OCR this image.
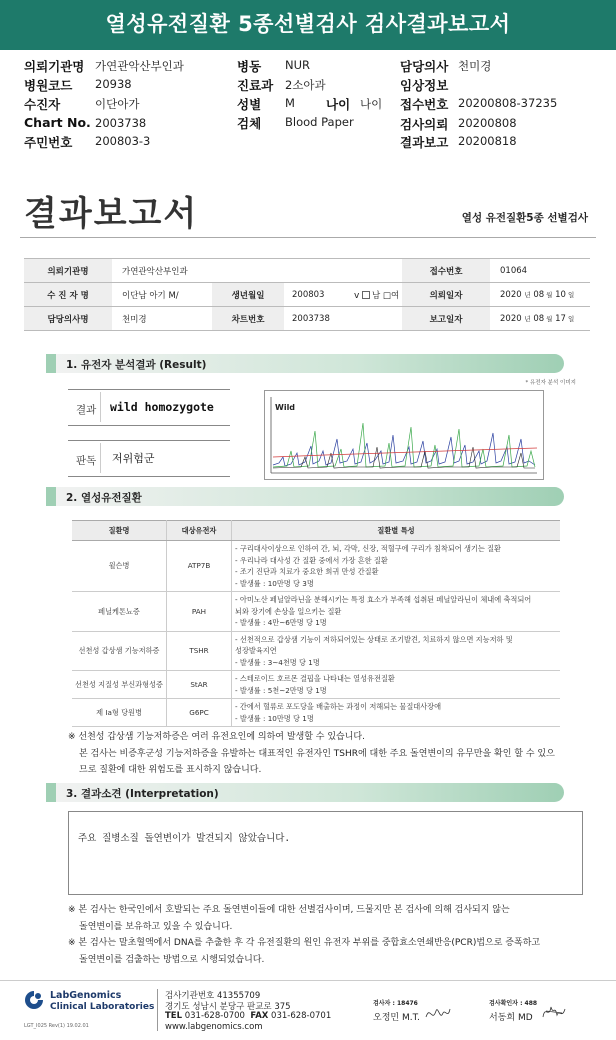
열성유전질환 5종선별검사 검사결과보고서
의뢰기관명 가연관악산부인과
병원코드 20938
수진자	이단아가
Chart No. 2003738
주민번호 200803-3
병동 NUR
진료과 2소아과
성별 M 나이 나이
검체 Blood Paper
담당의사 천미경
임상정보
접수번호 20200808-37235
검사의뢰 20200808
결과보고 20200818
결과보고서	열성 유전질환5종 선별검사
의뢰기관명	가연관악산부인과	접수번호	01064
수 진 자 명	이단남 아기 M/	생년월일	200803	v 남 □여	의뢰일자	2020
년
08 월
10 일
담당의사명	천미경	차트번호	2003738	보고일자	2020
년
08 월
17 일
1. 유전자 분석결과 (Result)
* 유전자 분석 이미지
결과 wild homozygote
판독 저위험군
Wild
2. 열성유전질환
질환명	대상유전자	질환별 특성
윌슨병	ATP7B	- 구리대사이상으로 인하여 간, 뇌, 각막, 신장, 적혈구에 구리가 침착되어 생기는 질환
- 우리나라 대사성 간 질환 중에서 가장 흔한 질환
- 조기 진단과 치료가 중요한 희귀 만성 간질환
- 발생률 : 10만명 당 3명

페닐케톤뇨증	PAH	- 아미노산 페닐알라닌을 분해시키는 특정 효소가 부족해 섭취된 페닐알라닌이 체내에 축적되어
뇌와 장기에 손상을 일으키는 질환
- 발생률 : 4만~6만명 당 1명

선천성 갑상샘 기능저하증	TSHR	- 선천적으로 갑상샘 기능이 저하되어있는 상태로 조기발견, 치료하지 않으면 지능저하 및
성장발육지연
- 발생률 : 3~4천명 당 1명

선천성 지질성 부신과형성증	StAR	- 스테로이드 호르몬 결핍을 나타내는 열성유전질환
- 발생률 : 5천~2만명 당 1명

제 Ia형 당원병	G6PC	- 간에서 혈류로 포도당을 배출하는 과정이 저해되는 물질대사장애
- 발생률 : 10만명 당 1명
※ 선천성 갑상샘 기능저하증은 여러 유전요인에 의하여 발생할 수 있습니다.
본 검사는 비증후군성 기능저하증을 유발하는 대표적인 유전자인 TSHR에 대한 주요 돌연변이의 유무만을 확인 할 수 있으
므로 질환에 대한 위험도를 표시하지 않습니다.
3. 결과소견 (Interpretation)
주요 질병소질 돌연변이가 발견되지 않았습니다.
※ 본 검사는 한국인에서 호발되는 주요 돌연변이들에 대한 선별검사이며, 드물지만 본 검사에 의해 검사되지 않는
돌연변이를 보유하고 있을 수 있습니다.
※ 본 검사는 말초혈액에서 DNA를 추출한 후 각 유전질환의 원인 유전자 부위를 중합효소연쇄반응(PCR)법으로 증폭하고
돌연변이를 검출하는 방법으로 시행되었습니다.
LabGenomics
Clinical Laboratories
LGT_I025 Rev(1) 19.02.01
검사기관번호 41355709
경기도 성남시 분당구 판교로 375
TEL 031-628-0700 FAX 031-628-0701
www.labgenomics.com
검사자 : 18476
오정민 M.T.
검사확인자 : 488
서동희 MD
